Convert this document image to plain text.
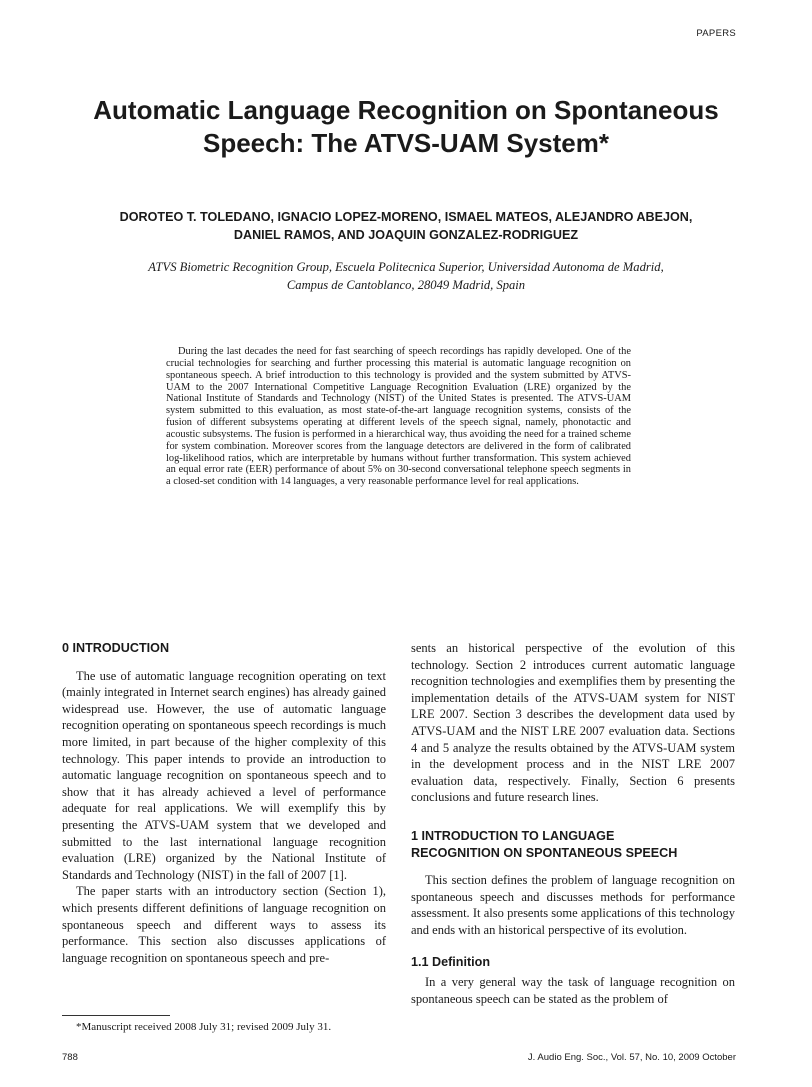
PAPERS
Automatic Language Recognition on Spontaneous
Speech: The ATVS-UAM System*
DOROTEO T. TOLEDANO, IGNACIO LOPEZ-MORENO, ISMAEL MATEOS, ALEJANDRO ABEJON,
DANIEL RAMOS, AND JOAQUIN GONZALEZ-RODRIGUEZ
ATVS Biometric Recognition Group, Escuela Politecnica Superior, Universidad Autonoma de Madrid,
Campus de Cantoblanco, 28049 Madrid, Spain

During the last decades the need for fast searching of speech recordings has rapidly developed. One of the crucial technologies for searching and further processing this material is automatic language recognition on spontaneous speech. A brief introduction to this technology is provided and the system submitted by ATVS-UAM to the 2007 International Competitive Language Recognition Evaluation (LRE) organized by the National Institute of Standards and Technology (NIST) of the United States is presented. The ATVS-UAM system submitted to this evaluation, as most state-of-the-art language recognition systems, consists of the fusion of different subsystems operating at different levels of the speech signal, namely, phonotactic and acoustic subsystems. The fusion is performed in a hierarchical way, thus avoiding the need for a trained scheme for system combination. Moreover scores from the language detectors are delivered in the form of calibrated log-likelihood ratios, which are interpretable by humans without further transformation. This system achieved an equal error rate (EER) performance of about 5% on 30-second conversational telephone speech segments in a closed-set condition with 14 languages, a very reasonable performance level for real applications.

0 INTRODUCTION

The use of automatic language recognition operating on text (mainly integrated in Internet search engines) has already gained widespread use. However, the use of automatic language recognition operating on spontaneous speech recordings is much more limited, in part because of the higher complexity of this technology. This paper intends to provide an introduction to automatic language recognition on spontaneous speech and to show that it has already achieved a level of performance adequate for real applications. We will exemplify this by presenting the ATVS-UAM system that we developed and submitted to the last international language recognition evaluation (LRE) organized by the National Institute of Standards and Technology (NIST) in the fall of 2007 [1].

The paper starts with an introductory section (Section 1), which presents different definitions of language recognition on spontaneous speech and different ways to assess its performance. This section also discusses applications of language recognition on spontaneous speech and pre-

sents an historical perspective of the evolution of this technology. Section 2 introduces current automatic language recognition technologies and exemplifies them by presenting the implementation details of the ATVS-UAM system for NIST LRE 2007. Section 3 describes the development data used by ATVS-UAM and the NIST LRE 2007 evaluation data. Sections 4 and 5 analyze the results obtained by the ATVS-UAM system in the development process and in the NIST LRE 2007 evaluation data, respectively. Finally, Section 6 presents conclusions and future research lines.

1 INTRODUCTION TO LANGUAGE
RECOGNITION ON SPONTANEOUS SPEECH

This section defines the problem of language recognition on spontaneous speech and discusses methods for performance assessment. It also presents some applications of this technology and ends with an historical perspective of its evolution.

1.1 Definition

In a very general way the task of language recognition on spontaneous speech can be stated as the problem of

*Manuscript received 2008 July 31; revised 2009 July 31.

788	J. Audio Eng. Soc., Vol. 57, No. 10, 2009 October
